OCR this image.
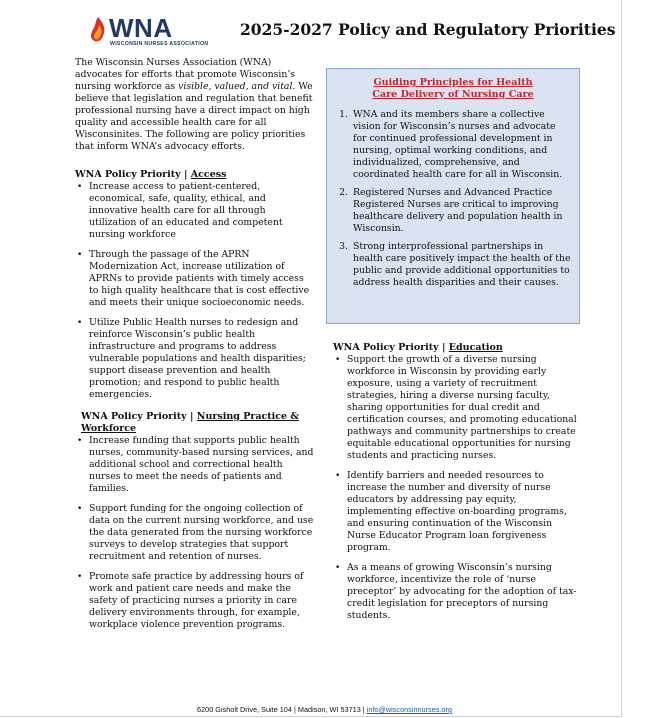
WNA
WISCONSIN NURSES ASSOCIATION
2025-2027 Policy and Regulatory Priorities

The Wisconsin Nurses Association (WNA) advocates for efforts that promote Wisconsin’s nursing workforce as visible, valued, and vital. We believe that legislation and regulation that benefit professional nursing have a direct impact on high quality and accessible health care for all Wisconsinites. The following are policy priorities that inform WNA’s advocacy efforts.

WNA Policy Priority | Access

• Increase access to patient-centered, economical, safe, quality, ethical, and innovative health care for all through utilization of an educated and competent nursing workforce
• Through the passage of the APRN Modernization Act, increase utilization of APRNs to provide patients with timely access to high quality healthcare that is cost effective and meets their unique socioeconomic needs.
• Utilize Public Health nurses to redesign and reinforce Wisconsin’s public health infrastructure and programs to address vulnerable populations and health disparities; support disease prevention and health promotion; and respond to public health emergencies.

WNA Policy Priority | Nursing Practice & Workforce

• Increase funding that supports public health nurses, community-based nursing services, and additional school and correctional health nurses to meet the needs of patients and families.
• Support funding for the ongoing collection of data on the current nursing workforce, and use the data generated from the nursing workforce surveys to develop strategies that support recruitment and retention of nurses.
• Promote safe practice by addressing hours of work and patient care needs and make the safety of practicing nurses a priority in care delivery environments through, for example, workplace violence prevention programs.
Guiding Principles for Health
Care Delivery of Nursing Care
1. WNA and its members share a collective vision for Wisconsin’s nurses and advocate for continued professional development in nursing, optimal working conditions, and individualized, comprehensive, and coordinated health care for all in Wisconsin.
2. Registered Nurses and Advanced Practice Registered Nurses are critical to improving healthcare delivery and population health in Wisconsin.
3. Strong interprofessional partnerships in health care positively impact the health of the public and provide additional opportunities to address health disparities and their causes.

WNA Policy Priority | Education

• Support the growth of a diverse nursing workforce in Wisconsin by providing early exposure, using a variety of recruitment strategies, hiring a diverse nursing faculty, sharing opportunities for dual credit and certification courses, and promoting educational pathways and community partnerships to create equitable educational opportunities for nursing students and practicing nurses.
• Identify barriers and needed resources to increase the number and diversity of nurse educators by addressing pay equity, implementing effective on-boarding programs, and ensuring continuation of the Wisconsin Nurse Educator Program loan forgiveness program.
• As a means of growing Wisconsin’s nursing workforce, incentivize the role of ‘nurse preceptor’ by advocating for the adoption of tax-credit legislation for preceptors of nursing students.
6200 Gisholt Drive, Suite 104 | Madison, WI 53713 | info@wisconsinnurses.org
